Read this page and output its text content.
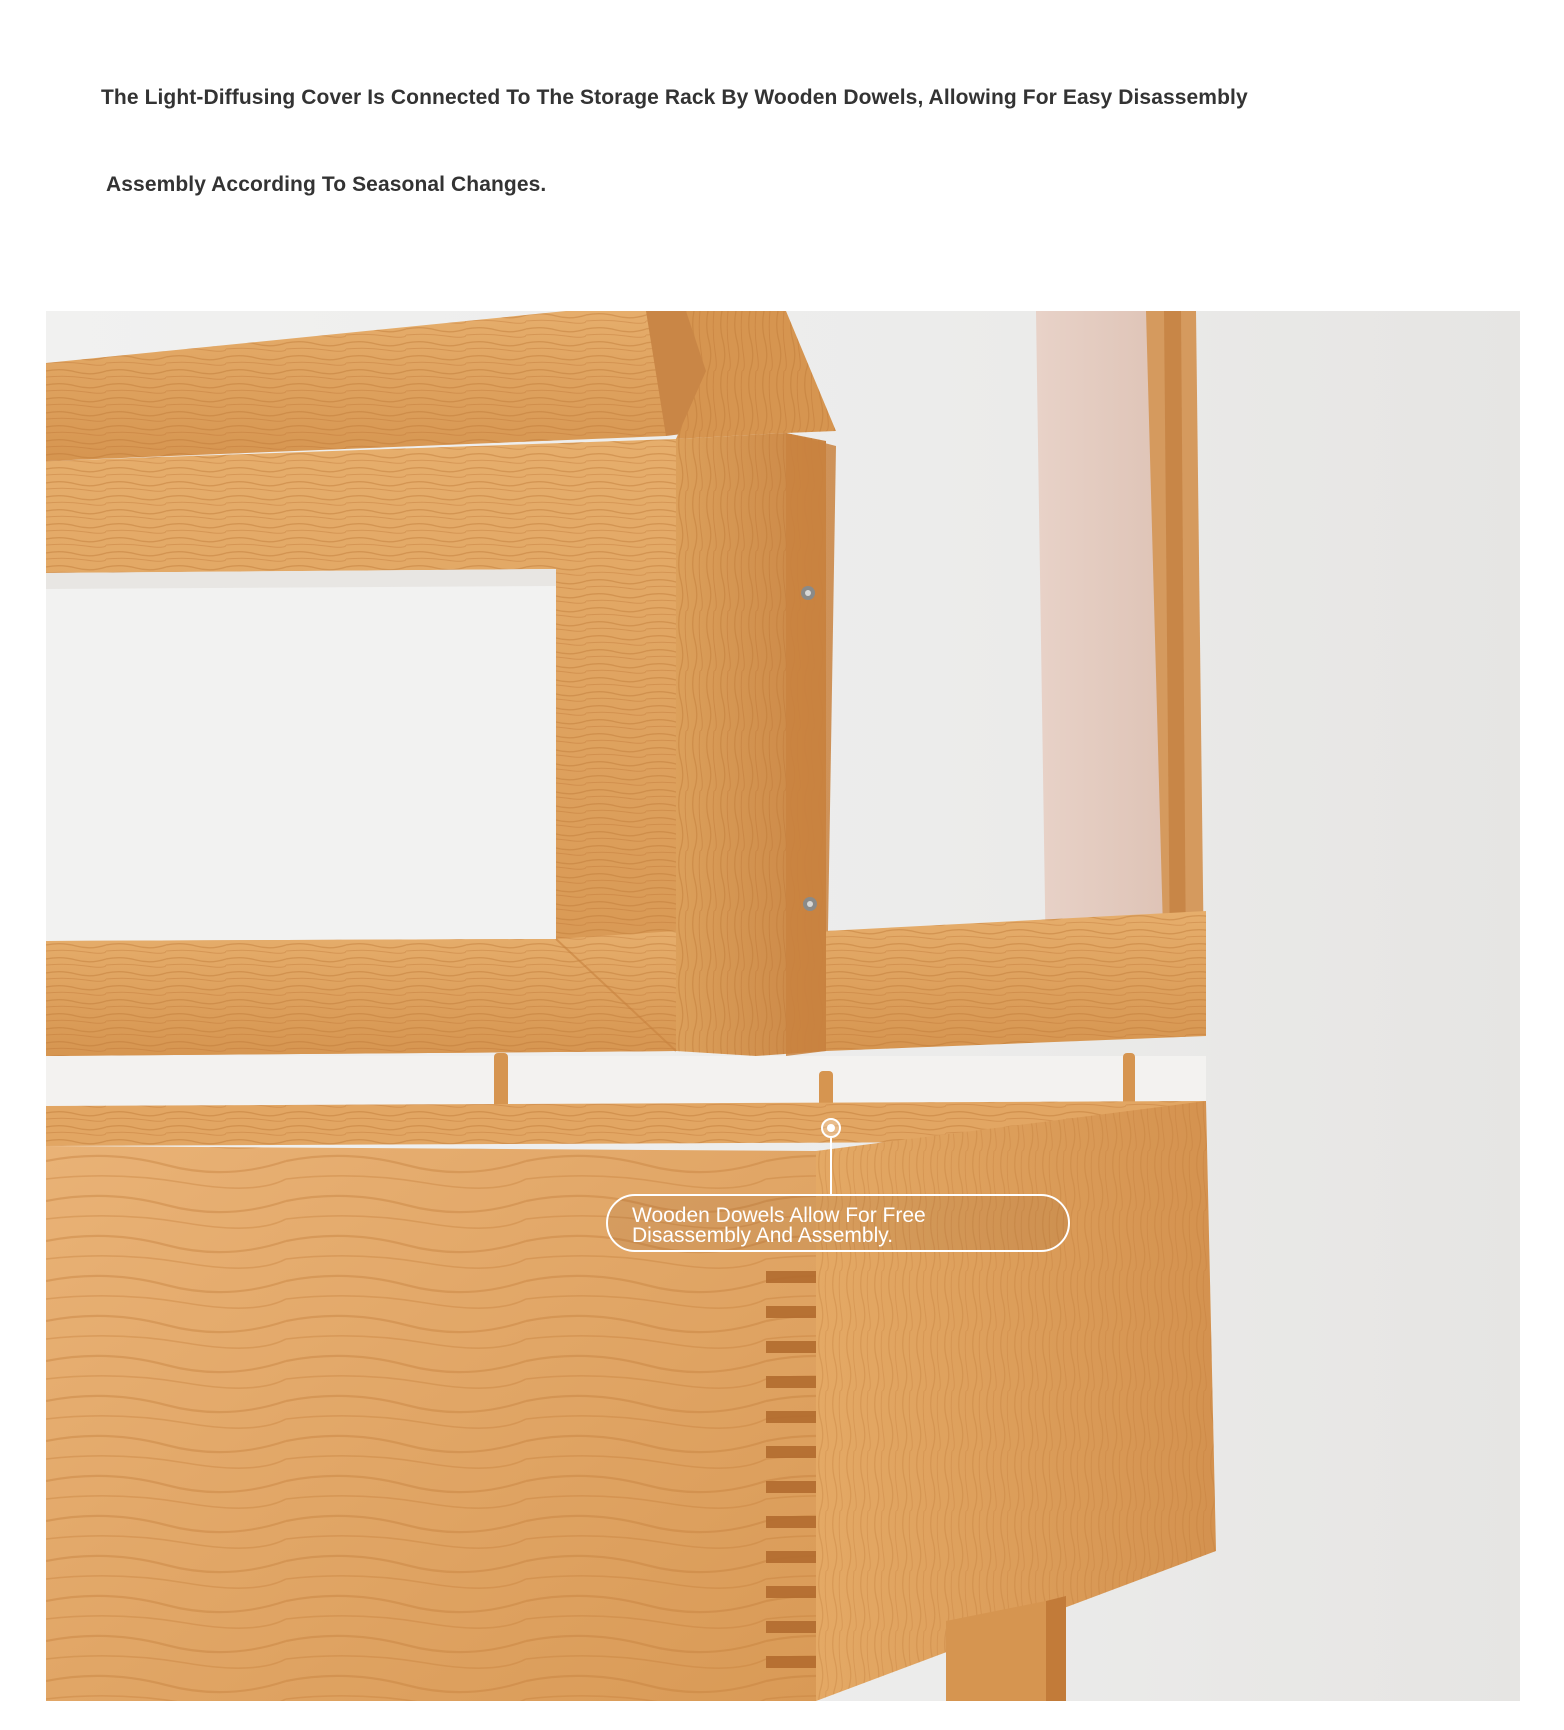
The Light-Diffusing Cover Is Connected To The Storage Rack By Wooden Dowels, Allowing For Easy Disassembly
Assembly According To Seasonal Changes.
Wooden Dowels Allow For Free
Disassembly And Assembly.
